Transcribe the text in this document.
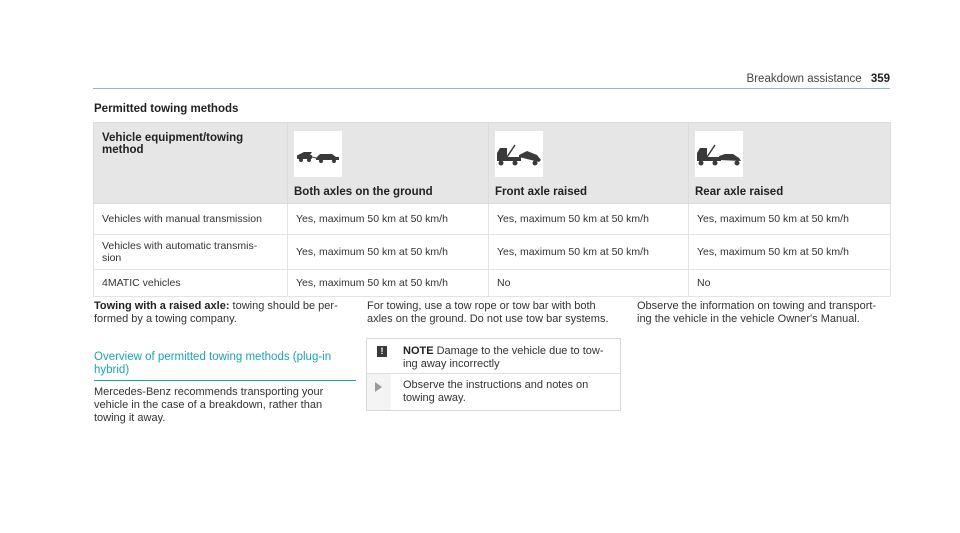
Breakdown assistance 359
Permitted towing methods
Vehicle equipment/towing method	Both axles on the ground	Front axle raised	Rear axle raised

Vehicles with manual transmission	Yes, maximum 50 km at 50 km/h	Yes, maximum 50 km at 50 km/h	Yes, maximum 50 km at 50 km/h
Vehicles with automatic transmis-
sion	Yes, maximum 50 km at 50 km/h	Yes, maximum 50 km at 50 km/h	Yes, maximum 50 km at 50 km/h
4MATIC vehicles	Yes, maximum 50 km at 50 km/h	No	No
Towing with a raised axle: towing should be per-
formed by a towing company.
Overview of permitted towing methods (plug-in
hybrid)
Mercedes-Benz recommends transporting your
vehicle in the case of a breakdown, rather than
towing it away.
For towing, use a tow rope or tow bar with both
axles on the ground. Do not use tow bar systems.
!	NOTE Damage to the vehicle due to tow-
ing away incorrectly
Observe the instructions and notes on
towing away.
Observe the information on towing and transport-
ing the vehicle in the vehicle Owner's Manual.
